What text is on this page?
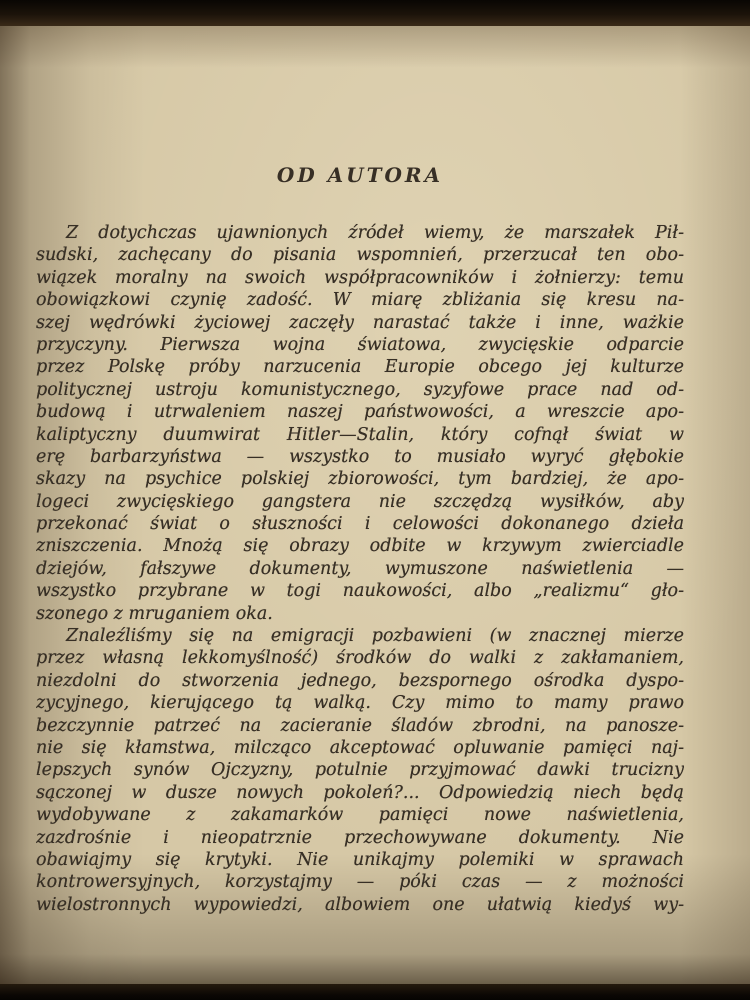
OD AUTORA
Z dotychczas ujawnionych źródeł wiemy, że marszałek Pił-
sudski, zachęcany do pisania wspomnień, przerzucał ten obo-
wiązek moralny na swoich współpracowników i żołnierzy: temu
obowiązkowi czynię zadość. W miarę zbliżania się kresu na-
szej wędrówki życiowej zaczęły narastać także i inne, ważkie
przyczyny. Pierwsza wojna światowa, zwycięskie odparcie
przez Polskę próby narzucenia Europie obcego jej kulturze
politycznej ustroju komunistycznego, syzyfowe prace nad od-
budową i utrwaleniem naszej państwowości, a wreszcie apo-
kaliptyczny duumwirat Hitler—Stalin, który cofnął świat w
erę barbarzyństwa — wszystko to musiało wyryć głębokie
skazy na psychice polskiej zbiorowości, tym bardziej, że apo-
logeci zwycięskiego gangstera nie szczędzą wysiłków, aby
przekonać świat o słuszności i celowości dokonanego dzieła
zniszczenia. Mnożą się obrazy odbite w krzywym zwierciadle
dziejów, fałszywe dokumenty, wymuszone naświetlenia —
wszystko przybrane w togi naukowości, albo „realizmu“ gło-
szonego z mruganiem oka.
Znaleźliśmy się na emigracji pozbawieni (w znacznej mierze
przez własną lekkomyślność) środków do walki z zakłamaniem,
niezdolni do stworzenia jednego, bezspornego ośrodka dyspo-
zycyjnego, kierującego tą walką. Czy mimo to mamy prawo
bezczynnie patrzeć na zacieranie śladów zbrodni, na panosze-
nie się kłamstwa, milcząco akceptować opluwanie pamięci naj-
lepszych synów Ojczyzny, potulnie przyjmować dawki trucizny
sączonej w dusze nowych pokoleń?... Odpowiedzią niech będą
wydobywane z zakamarków pamięci nowe naświetlenia,
zazdrośnie i nieopatrznie przechowywane dokumenty. Nie
obawiajmy się krytyki. Nie unikajmy polemiki w sprawach
kontrowersyjnych, korzystajmy — póki czas — z możności
wielostronnych wypowiedzi, albowiem one ułatwią kiedyś wy-
